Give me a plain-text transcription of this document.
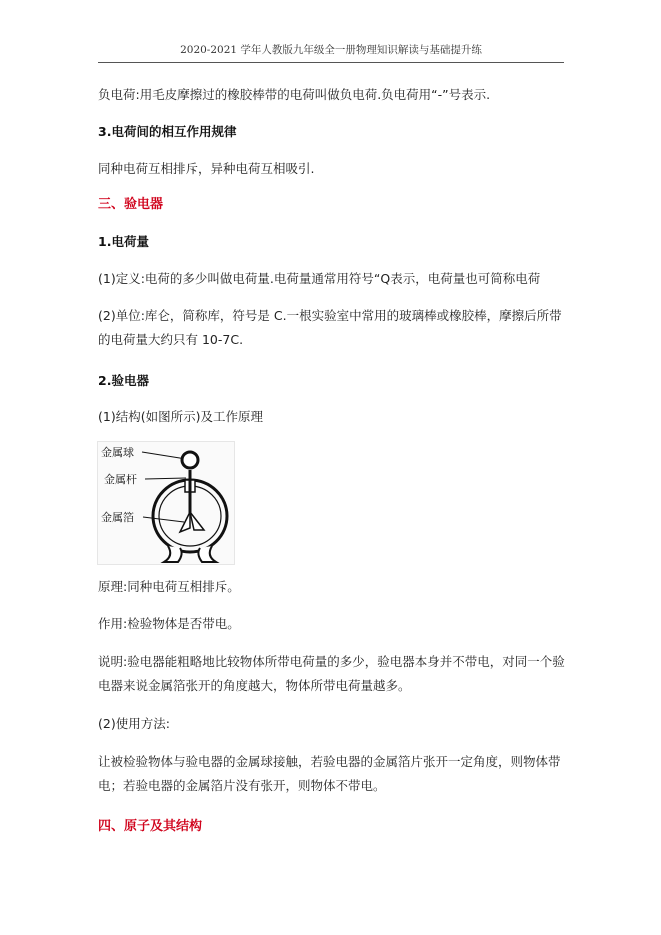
2020-2021 学年人教版九年级全一册物理知识解读与基础提升练
负电荷:用毛皮摩擦过的橡胶棒带的电荷叫做负电荷.负电荷用“-”号表示.
3.电荷间的相互作用规律
同种电荷互相排斥，异种电荷互相吸引.
三、验电器
1.电荷量
(1)定义:电荷的多少叫做电荷量.电荷量通常用符号“Q表示，电荷量也可简称电荷
(2)单位:库仑，简称库，符号是 C.一根实验室中常用的玻璃棒或橡胶棒，摩擦后所带的电荷量大约只有 10-7C.
2.验电器
(1)结构(如图所示)及工作原理
金属球
金属杆
金属箔
原理:同种电荷互相排斥。
作用:检验物体是否带电。
说明:验电器能粗略地比较物体所带电荷量的多少，验电器本身并不带电，对同一个验电器来说金属箔张开的角度越大，物体所带电荷量越多。
(2)使用方法:
让被检验物体与验电器的金属球接触，若验电器的金属箔片张开一定角度，则物体带电；若验电器的金属箔片没有张开，则物体不带电。
四、原子及其结构
